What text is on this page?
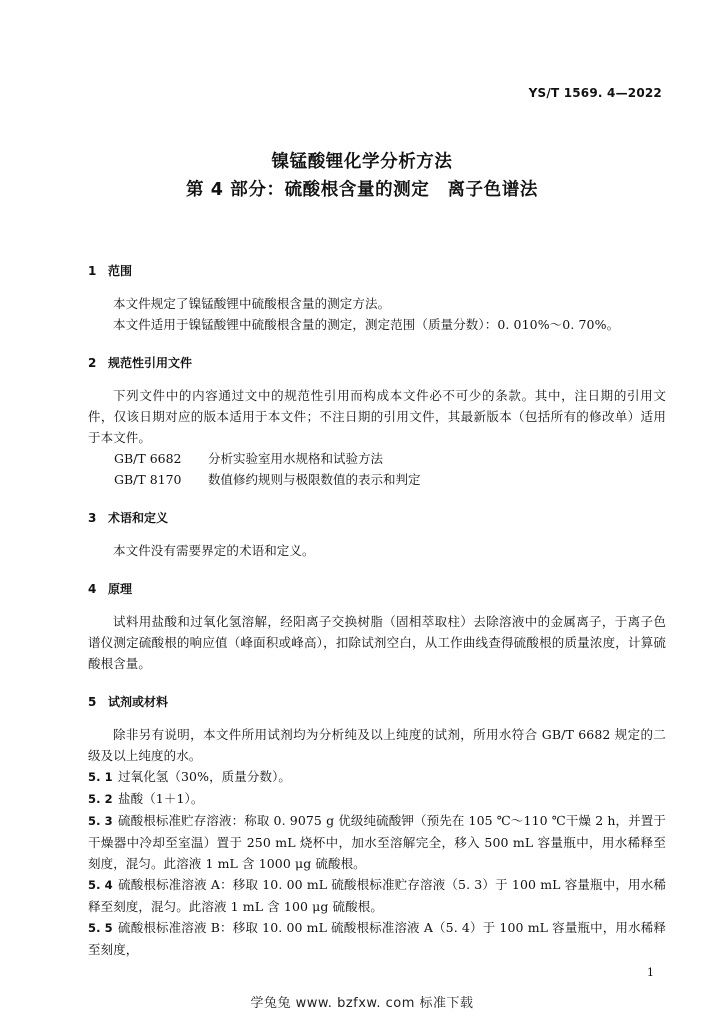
YS/T 1569. 4—2022
镍锰酸锂化学分析方法
第 4 部分：硫酸根含量的测定　离子色谱法
1 范围
本文件规定了镍锰酸锂中硫酸根含量的测定方法。
本文件适用于镍锰酸锂中硫酸根含量的测定，测定范围（质量分数）：0. 010%～0. 70%。
2 规范性引用文件
下列文件中的内容通过文中的规范性引用而构成本文件必不可少的条款。其中，注日期的引用文件，仅该日期对应的版本适用于本文件；不注日期的引用文件，其最新版本（包括所有的修改单）适用于本文件。
GB/T 6682 分析实验室用水规格和试验方法
GB/T 8170 数值修约规则与极限数值的表示和判定
3 术语和定义
本文件没有需要界定的术语和定义。
4 原理
试料用盐酸和过氧化氢溶解，经阳离子交换树脂（固相萃取柱）去除溶液中的金属离子，于离子色谱仪测定硫酸根的响应值（峰面积或峰高），扣除试剂空白，从工作曲线查得硫酸根的质量浓度，计算硫酸根含量。
5 试剂或材料
除非另有说明，本文件所用试剂均为分析纯及以上纯度的试剂，所用水符合 GB/T 6682 规定的二级及以上纯度的水。
5. 1 过氧化氢（30%，质量分数）。
5. 2 盐酸（1＋1）。
5. 3 硫酸根标准贮存溶液：称取 0. 9075 g 优级纯硫酸钾（预先在 105 ℃～110 ℃干燥 2 h，并置于干燥器中冷却至室温）置于 250 mL 烧杯中，加水至溶解完全，移入 500 mL 容量瓶中，用水稀释至刻度，混匀。此溶液 1 mL 含 1000 μg 硫酸根。
5. 4 硫酸根标准溶液 A：移取 10. 00 mL 硫酸根标准贮存溶液（5. 3）于 100 mL 容量瓶中，用水稀释至刻度，混匀。此溶液 1 mL 含 100 μg 硫酸根。
5. 5 硫酸根标准溶液 B：移取 10. 00 mL 硫酸根标准溶液 A（5. 4）于 100 mL 容量瓶中，用水稀释至刻度，
1
学兔兔 www. bzfxw. com 标准下载
